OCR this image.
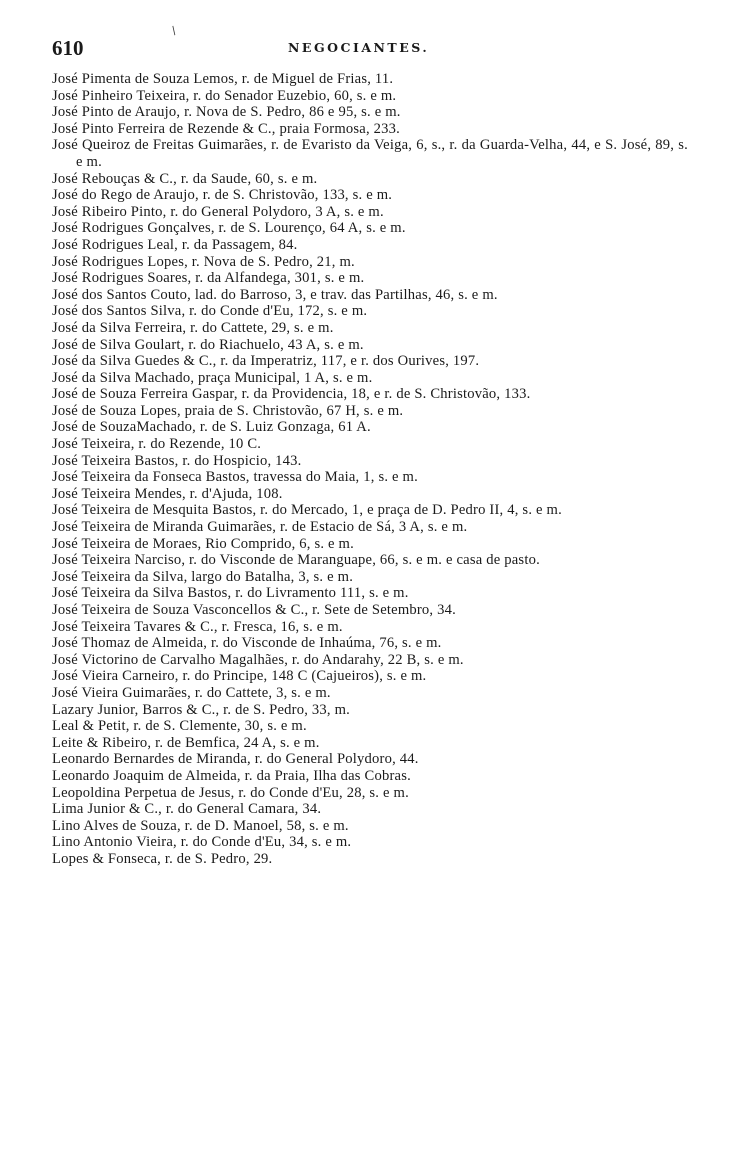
/
610	NEGOCIANTES.
José Pimenta de Souza Lemos, r. de Miguel de Frias, 11.
José Pinheiro Teixeira, r. do Senador Euzebio, 60, s. e m.
José Pinto de Araujo, r. Nova de S. Pedro, 86 e 95, s. e m.
José Pinto Ferreira de Rezende & C., praia Formosa, 233.
José Queiroz de Freitas Guimarães, r. de Evaristo da Veiga, 6, s., r. da Guarda-Velha, 44, e S. José, 89, s. e m.
José Rebouças & C., r. da Saude, 60, s. e m.
José do Rego de Araujo, r. de S. Christovão, 133, s. e m.
José Ribeiro Pinto, r. do General Polydoro, 3 A, s. e m.
José Rodrigues Gonçalves, r. de S. Lourenço, 64 A, s. e m.
José Rodrigues Leal, r. da Passagem, 84.
José Rodrigues Lopes, r. Nova de S. Pedro, 21, m.
José Rodrigues Soares, r. da Alfandega, 301, s. e m.
José dos Santos Couto, lad. do Barroso, 3, e trav. das Partilhas, 46, s. e m.
José dos Santos Silva, r. do Conde d'Eu, 172, s. e m.
José da Silva Ferreira, r. do Cattete, 29, s. e m.
José de Silva Goulart, r. do Riachuelo, 43 A, s. e m.
José da Silva Guedes & C., r. da Imperatriz, 117, e r. dos Ourives, 197.
José da Silva Machado, praça Municipal, 1 A, s. e m.
José de Souza Ferreira Gaspar, r. da Providencia, 18, e r. de S. Christovão, 133.
José de Souza Lopes, praia de S. Christovão, 67 H, s. e m.
José de SouzaMachado, r. de S. Luiz Gonzaga, 61 A.
José Teixeira, r. do Rezende, 10 C.
José Teixeira Bastos, r. do Hospicio, 143.
José Teixeira da Fonseca Bastos, travessa do Maia, 1, s. e m.
José Teixeira Mendes, r. d'Ajuda, 108.
José Teixeira de Mesquita Bastos, r. do Mercado, 1, e praça de D. Pedro II, 4, s. e m.
José Teixeira de Miranda Guimarães, r. de Estacio de Sá, 3 A, s. e m.
José Teixeira de Moraes, Rio Comprido, 6, s. e m.
José Teixeira Narciso, r. do Visconde de Maranguape, 66, s. e m. e casa de pasto.
José Teixeira da Silva, largo do Batalha, 3, s. e m.
José Teixeira da Silva Bastos, r. do Livramento 111, s. e m.
José Teixeira de Souza Vasconcellos & C., r. Sete de Setembro, 34.
José Teixeira Tavares & C., r. Fresca, 16, s. e m.
José Thomaz de Almeida, r. do Visconde de Inhaúma, 76, s. e m.
José Victorino de Carvalho Magalhães, r. do Andarahy, 22 B, s. e m.
José Vieira Carneiro, r. do Principe, 148 C (Cajueiros), s. e m.
José Vieira Guimarães, r. do Cattete, 3, s. e m.
Lazary Junior, Barros & C., r. de S. Pedro, 33, m.
Leal & Petit, r. de S. Clemente, 30, s. e m.
Leite & Ribeiro, r. de Bemfica, 24 A, s. e m.
Leonardo Bernardes de Miranda, r. do General Polydoro, 44.
Leonardo Joaquim de Almeida, r. da Praia, Ilha das Cobras.
Leopoldina Perpetua de Jesus, r. do Conde d'Eu, 28, s. e m.
Lima Junior & C., r. do General Camara, 34.
Lino Alves de Souza, r. de D. Manoel, 58, s. e m.
Lino Antonio Vieira, r. do Conde d'Eu, 34, s. e m.
Lopes & Fonseca, r. de S. Pedro, 29.
